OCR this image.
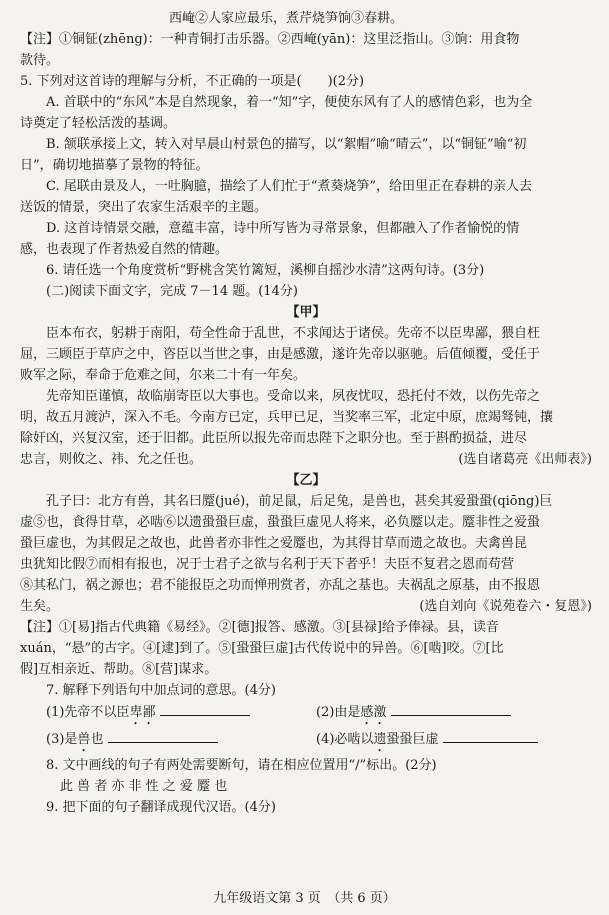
西崦②人家应最乐，煮芹烧笋饷③春耕。
【注】①铜钲(zhēng)：一种青铜打击乐器。②西崦(yān)：这里泛指山。③饷：用食物
款待。
5. 下列对这首诗的理解与分析，不正确的一项是(　　)(2分)
A. 首联中的“东风”本是自然现象，着一“知”字，便使东风有了人的感情色彩，也为全
诗奠定了轻松活泼的基调。
B. 颔联承接上文，转入对早晨山村景色的描写，以“絮帽”喻“晴云”，以“铜钲”喻“初
日”，确切地描摹了景物的特征。
C. 尾联由景及人，一吐胸臆，描绘了人们忙于“煮葵烧笋”，给田里正在春耕的亲人去
送饭的情景，突出了农家生活艰辛的主题。
D. 这首诗情景交融，意蕴丰富，诗中所写皆为寻常景象，但都融入了作者愉悦的情
感，也表现了作者热爱自然的情趣。
6. 请任选一个角度赏析“野桃含笑竹篱短，溪柳自摇沙水清”这两句诗。(3分)
(二)阅读下面文字，完成 7－14 题。(14分)
【甲】
臣本布衣，躬耕于南阳，苟全性命于乱世，不求闻达于诸侯。先帝不以臣卑鄙，猥自枉
屈，三顾臣于草庐之中，咨臣以当世之事，由是感激，遂许先帝以驱驰。后值倾覆，受任于
败军之际，奉命于危难之间，尔来二十有一年矣。
先帝知臣谨慎，故临崩寄臣以大事也。受命以来，夙夜忧叹，恐托付不效，以伤先帝之
明，故五月渡泸，深入不毛。今南方已定，兵甲已足，当奖率三军，北定中原，庶竭驽钝，攘
除奸凶，兴复汉室，还于旧都。此臣所以报先帝而忠陛下之职分也。至于斟酌损益，进尽
忠言，则攸之、祎、允之任也。	(选自诸葛亮《出师表》)
【乙】
孔子曰：北方有兽，其名曰蹷(jué)，前足鼠，后足兔，是兽也，甚矣其爱蛩蛩(qiōng)巨
虚⑤也，食得甘草，必啮⑥以遗蛩蛩巨虚，蛩蛩巨虚见人将来，必负蹷以走。蹷非性之爱蛩
蛩巨虚也，为其假足之故也，此兽者亦非性之爱蹷也，为其得甘草而遗之故也。夫禽兽昆
虫犹知比假⑦而相有报也，况于士君子之欲与名利于天下者乎！夫臣不复君之恩而苟营
⑧其私门，祸之源也；君不能报臣之功而惮刑赏者，亦乱之基也。夫祸乱之原基，由不报恩
生矣。	(选自刘向《说苑卷六・复恩》)
【注】①[易]指古代典籍《易经》。②[德]报答、感激。③[县禄]给予俸禄。县，读音
xuán，“悬”的古字。④[逮]到了。⑤[蛩蛩巨虚]古代传说中的异兽。⑥[啮]咬。⑦[比
假]互相亲近、帮助。⑧[营]谋求。
7. 解释下列语句中加点词的意思。(4分)
(1)先帝不以臣卑鄙	(2)由是感激
(3)是兽也	(4)必啮以遗蛩蛩巨虚
8. 文中画线的句子有两处需要断句，请在相应位置用“/”标出。(2分)
此 兽 者 亦 非 性 之 爱 蹷 也
9. 把下面的句子翻译成现代汉语。(4分)
九年级语文第 3 页　（共 6 页）
